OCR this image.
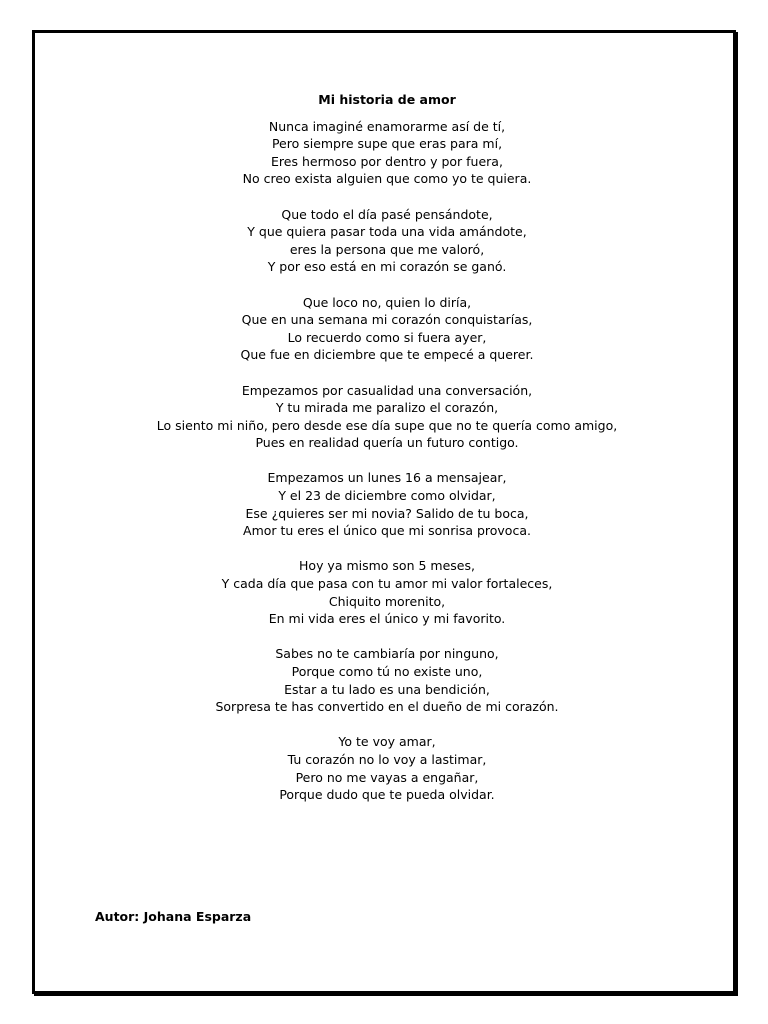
Mi historia de amor
Nunca imaginé enamorarme así de tí,
Pero siempre supe que eras para mí,
Eres hermoso por dentro y por fuera,
No creo exista alguien que como yo te quiera.
Que todo el día pasé pensándote,
Y que quiera pasar toda una vida amándote,
eres la persona que me valoró,
Y por eso está en mi corazón se ganó.
Que loco no, quien lo diría,
Que en una semana mi corazón conquistarías,
Lo recuerdo como si fuera ayer,
Que fue en diciembre que te empecé a querer.
Empezamos por casualidad una conversación,
Y tu mirada me paralizo el corazón,
Lo siento mi niño, pero desde ese día supe que no te quería como amigo,
Pues en realidad quería un futuro contigo.
Empezamos un lunes 16 a mensajear,
Y el 23 de diciembre como olvidar,
Ese ¿quieres ser mi novia? Salido de tu boca,
Amor tu eres el único que mi sonrisa provoca.
Hoy ya mismo son 5 meses,
Y cada día que pasa con tu amor mi valor fortaleces,
Chiquito morenito,
En mi vida eres el único y mi favorito.
Sabes no te cambiaría por ninguno,
Porque como tú no existe uno,
Estar a tu lado es una bendición,
Sorpresa te has convertido en el dueño de mi corazón.
Yo te voy amar,
Tu corazón no lo voy a lastimar,
Pero no me vayas a engañar,
Porque dudo que te pueda olvidar.
Autor: Johana Esparza
